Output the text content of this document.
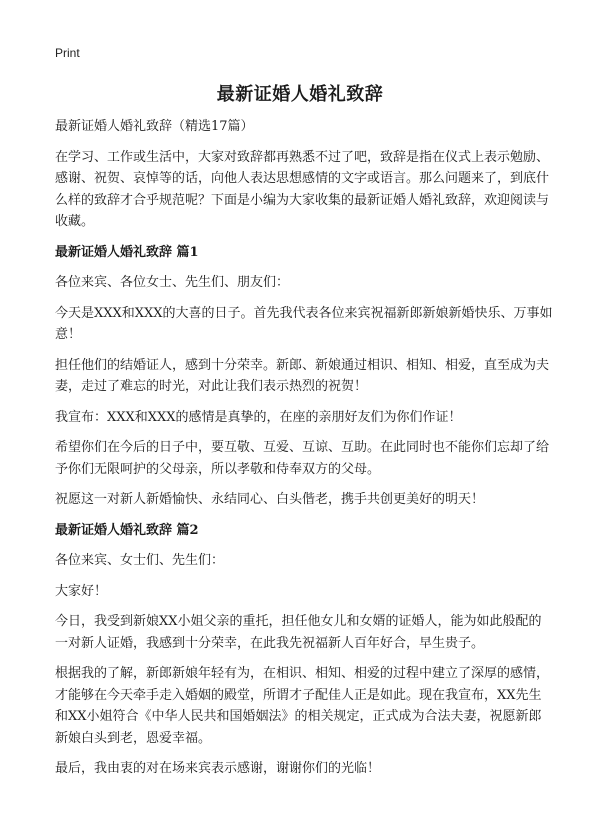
Print
最新证婚人婚礼致辞

最新证婚人婚礼致辞（精选17篇）

在学习、工作或生活中，大家对致辞都再熟悉不过了吧，致辞是指在仪式上表示勉励、感谢、祝贺、哀悼等的话，向他人表达思想感情的文字或语言。那么问题来了，到底什么样的致辞才合乎规范呢？下面是小编为大家收集的最新证婚人婚礼致辞，欢迎阅读与收藏。

最新证婚人婚礼致辞 篇1

各位来宾、各位女士、先生们、朋友们：

今天是XXX和XXX的大喜的日子。首先我代表各位来宾祝福新郎新娘新婚快乐、万事如意！

担任他们的结婚证人，感到十分荣幸。新郎、新娘通过相识、相知、相爱，直至成为夫妻，走过了难忘的时光，对此让我们表示热烈的祝贺！

我宣布：XXX和XXX的感情是真挚的，在座的亲朋好友们为你们作证！

希望你们在今后的日子中，要互敬、互爱、互谅、互助。在此同时也不能你们忘却了给予你们无限呵护的父母亲，所以孝敬和侍奉双方的父母。

祝愿这一对新人新婚愉快、永结同心、白头偕老，携手共创更美好的明天！

最新证婚人婚礼致辞 篇2

各位来宾、女士们、先生们：

大家好！

今日，我受到新娘XX小姐父亲的重托，担任他女儿和女婿的证婚人，能为如此般配的一对新人证婚，我感到十分荣幸，在此我先祝福新人百年好合，早生贵子。

根据我的了解，新郎新娘年轻有为，在相识、相知、相爱的过程中建立了深厚的感情，才能够在今天牵手走入婚姻的殿堂，所谓才子配佳人正是如此。现在我宣布，XX先生和XX小姐符合《中华人民共和国婚姻法》的相关规定，正式成为合法夫妻，祝愿新郎新娘白头到老，恩爱幸福。

最后，我由衷的对在场来宾表示感谢，谢谢你们的光临！
